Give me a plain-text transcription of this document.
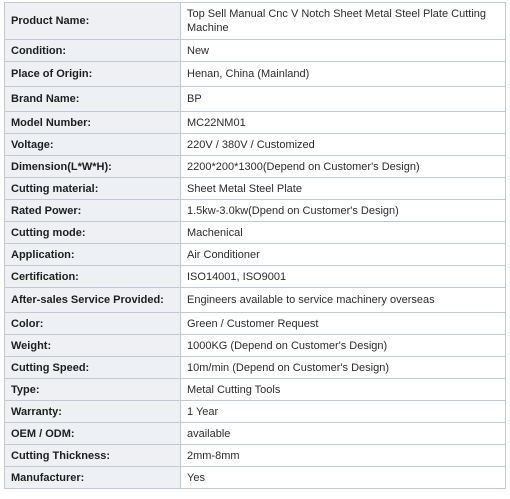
Product Name:	Top Sell Manual Cnc V Notch Sheet Metal Steel Plate Cutting Machine
Condition:	New
Place of Origin:	Henan, China (Mainland)
Brand Name:	BP
Model Number:	MC22NM01
Voltage:	220V / 380V / Customized
Dimension(L*W*H):	2200*200*1300(Depend on Customer's Design)
Cutting material:	Sheet Metal Steel Plate
Rated Power:	1.5kw-3.0kw(Dpend on Customer's Design)
Cutting mode:	Machenical
Application:	Air Conditioner
Certification:	ISO14001, ISO9001
After-sales Service Provided:	Engineers available to service machinery overseas
Color:	Green / Customer Request
Weight:	1000KG (Depend on Customer's Design)
Cutting Speed:	10m/min (Depend on Customer's Design)
Type:	Metal Cutting Tools
Warranty:	1 Year
OEM / ODM:	available
Cutting Thickness:	2mm-8mm
Manufacturer:	Yes
